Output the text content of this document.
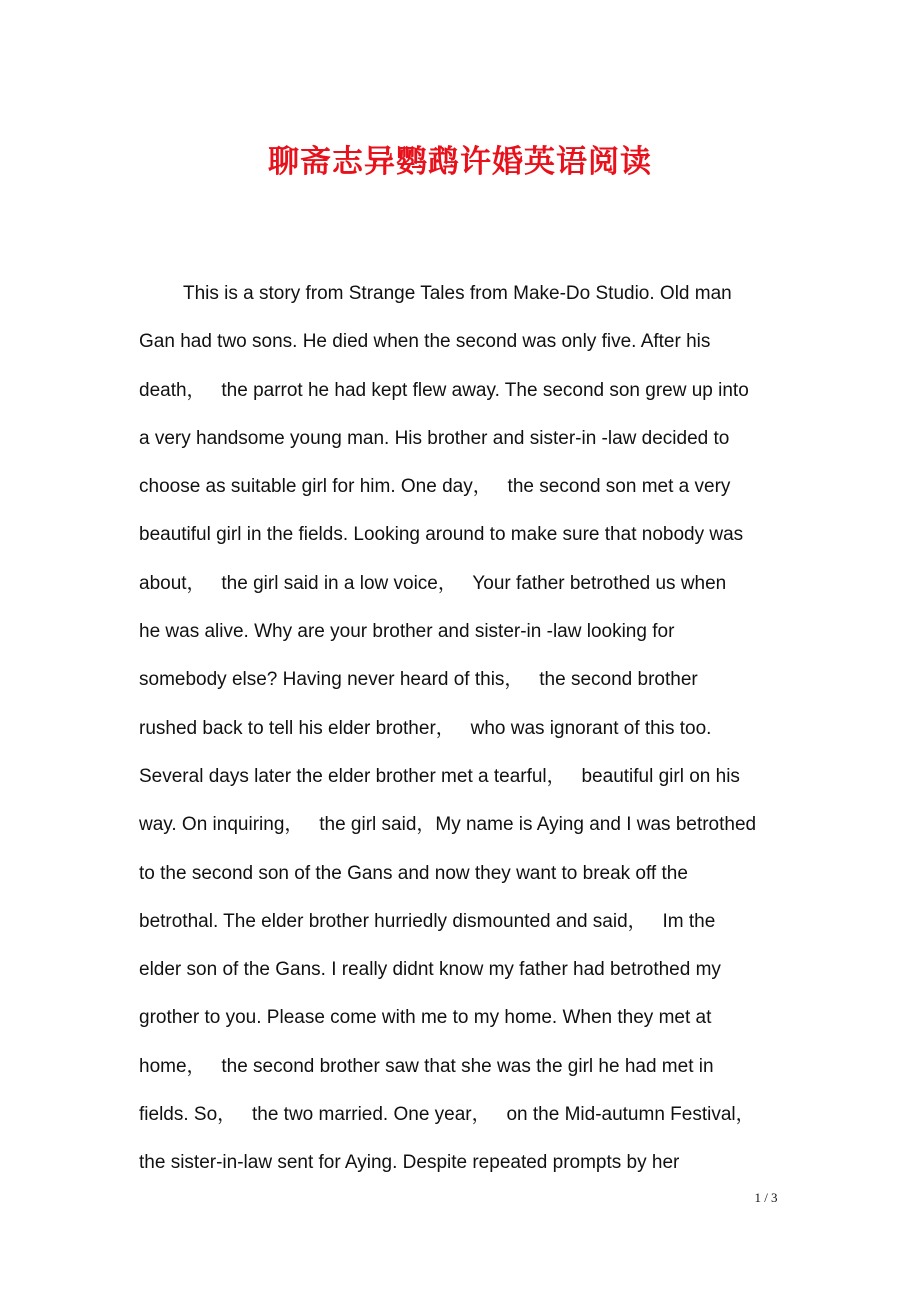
聊斋志异鹦鹉许婚英语阅读
This is a story from Strange Tales from Make-Do Studio. Old man
Gan had two sons. He died when the second was only five. After his
death，   the parrot he had kept flew away. The second son grew up into
a very handsome young man. His brother and sister-in -law decided to
choose as suitable girl for him. One day，   the second son met a very
beautiful girl in the fields. Looking around to make sure that nobody was
about，   the girl said in a low voice，   Your father betrothed us when
he was alive. Why are your brother and sister-in -law looking for
somebody else? Having never heard of this，   the second brother
rushed back to tell his elder brother，   who was ignorant of this too.
Several days later the elder brother met a tearful，   beautiful girl on his
way. On inquiring，   the girl said，My name is Aying and I was betrothed
to the second son of the Gans and now they want to break off the
betrothal. The elder brother hurriedly dismounted and said，   Im the
elder son of the Gans. I really didnt know my father had betrothed my
grother to you. Please come with me to my home. When they met at
home，   the second brother saw that she was the girl he had met in
fields. So，   the two married. One year，   on the Mid-autumn Festival，
the sister-in-law sent for Aying. Despite repeated prompts by her
1 / 3
